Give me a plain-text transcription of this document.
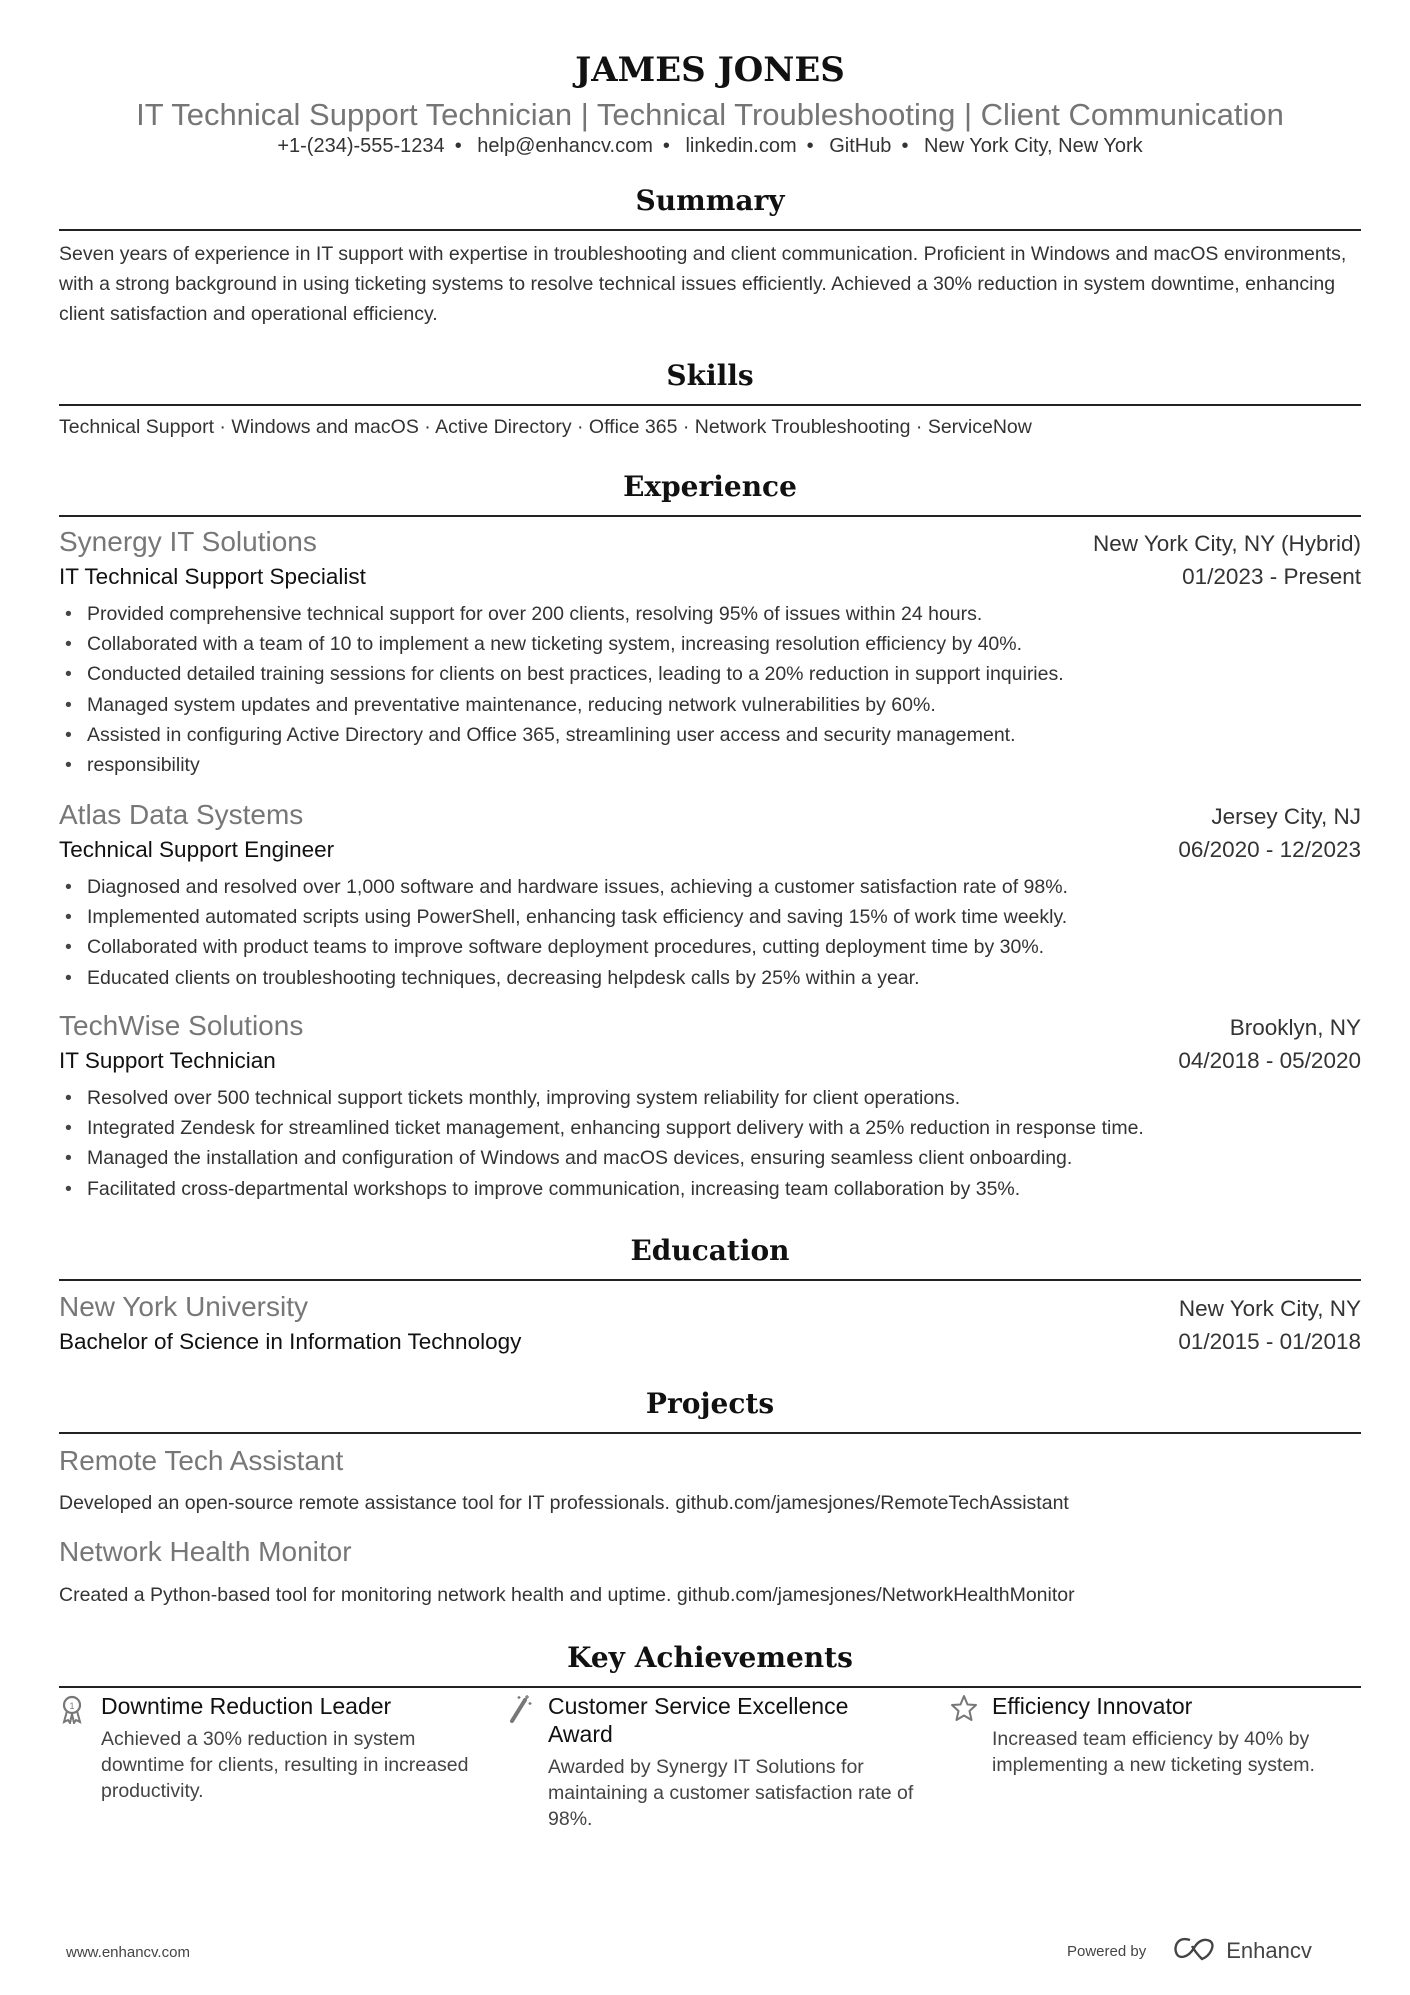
JAMES JONES
IT Technical Support Technician | Technical Troubleshooting | Client Communication
+1-(234)-555-1234 • help@enhancv.com • linkedin.com • GitHub • New York City, New York
Summary
Seven years of experience in IT support with expertise in troubleshooting and client communication. Proficient in Windows and macOS environments, with a strong background in using ticketing systems to resolve technical issues efficiently. Achieved a 30% reduction in system downtime, enhancing client satisfaction and operational efficiency.
Skills
Technical Support · Windows and macOS · Active Directory · Office 365 · Network Troubleshooting · ServiceNow
Experience
Synergy IT Solutions	New York City, NY (Hybrid)
IT Technical Support Specialist	01/2023 - Present
• Provided comprehensive technical support for over 200 clients, resolving 95% of issues within 24 hours.
• Collaborated with a team of 10 to implement a new ticketing system, increasing resolution efficiency by 40%.
• Conducted detailed training sessions for clients on best practices, leading to a 20% reduction in support inquiries.
• Managed system updates and preventative maintenance, reducing network vulnerabilities by 60%.
• Assisted in configuring Active Directory and Office 365, streamlining user access and security management.
• responsibility
Atlas Data Systems	Jersey City, NJ
Technical Support Engineer	06/2020 - 12/2023
• Diagnosed and resolved over 1,000 software and hardware issues, achieving a customer satisfaction rate of 98%.
• Implemented automated scripts using PowerShell, enhancing task efficiency and saving 15% of work time weekly.
• Collaborated with product teams to improve software deployment procedures, cutting deployment time by 30%.
• Educated clients on troubleshooting techniques, decreasing helpdesk calls by 25% within a year.
TechWise Solutions	Brooklyn, NY
IT Support Technician	04/2018 - 05/2020
• Resolved over 500 technical support tickets monthly, improving system reliability for client operations.
• Integrated Zendesk for streamlined ticket management, enhancing support delivery with a 25% reduction in response time.
• Managed the installation and configuration of Windows and macOS devices, ensuring seamless client onboarding.
• Facilitated cross-departmental workshops to improve communication, increasing team collaboration by 35%.
Education
New York University	New York City, NY
Bachelor of Science in Information Technology	01/2015 - 01/2018
Projects
Remote Tech Assistant
Developed an open-source remote assistance tool for IT professionals. github.com/jamesjones/RemoteTechAssistant
Network Health Monitor
Created a Python-based tool for monitoring network health and uptime. github.com/jamesjones/NetworkHealthMonitor
Key Achievements
1 Downtime Reduction Leader
Achieved a 30% reduction in system downtime for clients, resulting in increased productivity.
Customer Service Excellence Award
Awarded by Synergy IT Solutions for maintaining a customer satisfaction rate of 98%.
Efficiency Innovator
Increased team efficiency by 40% by implementing a new ticketing system.
www.enhancv.com	Powered by	Enhancv
